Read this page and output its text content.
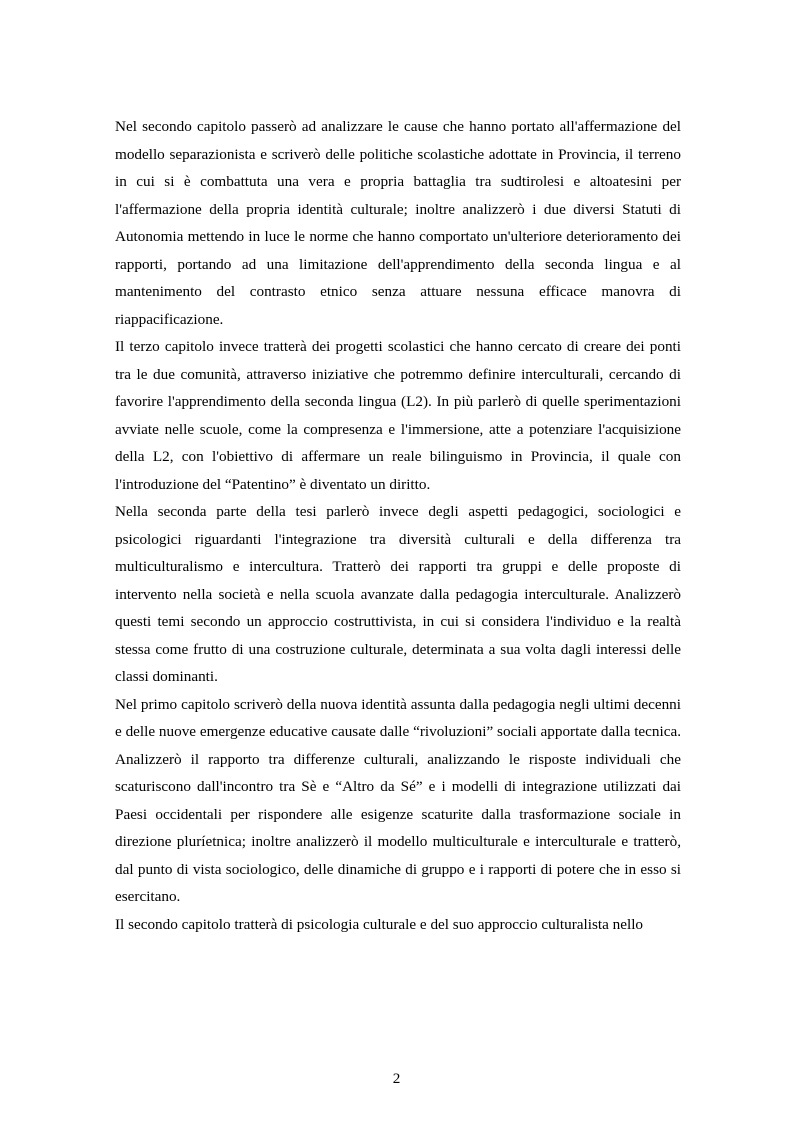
Nel secondo capitolo passerò ad analizzare le cause che hanno portato all'affermazione del modello separazionista e scriverò delle politiche scolastiche adottate in Provincia, il terreno in cui si è combattuta una vera e propria battaglia tra sudtirolesi e altoatesini per l'affermazione della propria identità culturale; inoltre analizzerò i due diversi Statuti di Autonomia mettendo in luce le norme che hanno comportato un'ulteriore deterioramento dei rapporti, portando ad una limitazione dell'apprendimento della seconda lingua e al mantenimento del contrasto etnico senza attuare nessuna efficace manovra di riappacificazione.

Il terzo capitolo invece tratterà dei progetti scolastici che hanno cercato di creare dei ponti tra le due comunità, attraverso iniziative che potremmo definire interculturali, cercando di favorire l'apprendimento della seconda lingua (L2). In più parlerò di quelle sperimentazioni avviate nelle scuole, come la compresenza e l'immersione, atte a potenziare l'acquisizione della L2, con l'obiettivo di affermare un reale bilinguismo in Provincia, il quale con l'introduzione del “Patentino” è diventato un diritto.

Nella seconda parte della tesi parlerò invece degli aspetti pedagogici, sociologici e psicologici riguardanti l'integrazione tra diversità culturali e della differenza tra multiculturalismo e intercultura. Tratterò dei rapporti tra gruppi e delle proposte di intervento nella società e nella scuola avanzate dalla pedagogia interculturale. Analizzerò questi temi secondo un approccio costruttivista, in cui si considera l'individuo e la realtà stessa come frutto di una costruzione culturale, determinata a sua volta dagli interessi delle classi dominanti.

Nel primo capitolo scriverò della nuova identità assunta dalla pedagogia negli ultimi decenni e delle nuove emergenze educative causate dalle “rivoluzioni” sociali apportate dalla tecnica. Analizzerò il rapporto tra differenze culturali, analizzando le risposte individuali che scaturiscono dall'incontro tra Sè e “Altro da Sé” e i modelli di integrazione utilizzati dai Paesi occidentali per rispondere alle esigenze scaturite dalla trasformazione sociale in direzione pluríetnica; inoltre analizzerò il modello multiculturale e interculturale e tratterò, dal punto di vista sociologico, delle dinamiche di gruppo e i rapporti di potere che in esso si esercitano.

Il secondo capitolo tratterà di psicologia culturale e del suo approccio culturalista nello

2
